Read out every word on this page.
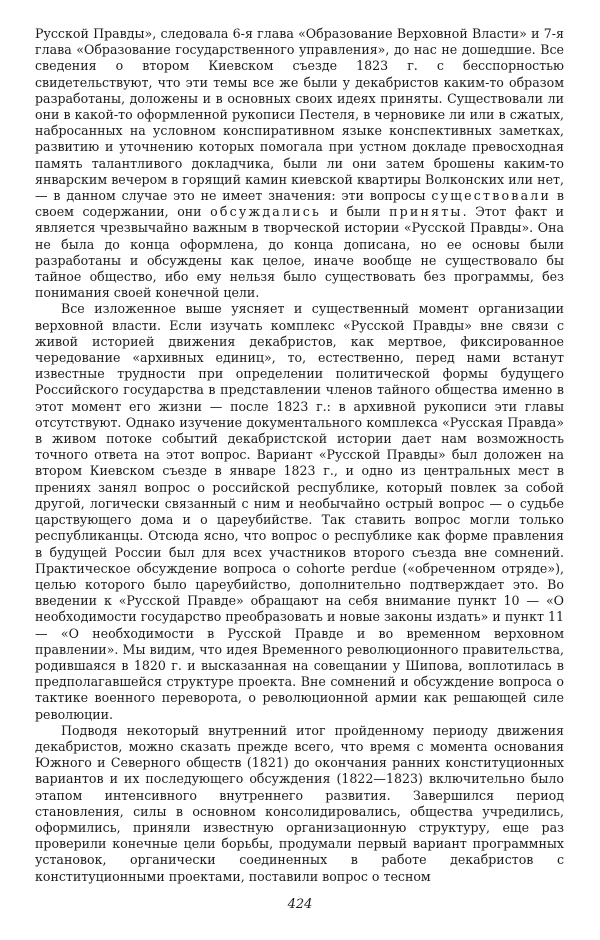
Русской Правды», следовала 6-я глава «Образование Верховной Власти» и 7-я глава «Образование государственного управления», до нас не дошедшие. Все сведения о втором Киевском съезде 1823 г. с бесспорностью свидетельствуют, что эти темы все же были у декабристов каким-то образом разработаны, доложены и в основных своих идеях приняты. Существовали ли они в какой-то оформленной рукописи Пестеля, в черновике ли или в сжатых, набросанных на условном конспиративном языке конспективных заметках, развитию и уточнению которых помогала при устном докладе превосходная память талантливого докладчика, были ли они затем брошены каким-то январским вечером в горящий камин киевской квартиры Волконских или нет,— в данном случае это не имеет значения: эти вопросы существовали в своем содержании, они обсуждались и были приняты. Этот факт и является чрезвычайно важным в творческой истории «Русской Правды». Она не была до конца оформлена, до конца дописана, но ее основы были разработаны и обсуждены как целое, иначе вообще не существовало бы тайное общество, ибо ему нельзя было существовать без программы, без понимания своей конечной цели.

Все изложенное выше уясняет и существенный момент организации верховной власти. Если изучать комплекс «Русской Правды» вне связи с живой историей движения декабристов, как мертвое, фиксированное чередование «архивных единиц», то, естественно, перед нами встанут известные трудности при определении политической формы будущего Российского государства в представлении членов тайного общества именно в этот момент его жизни — после 1823 г.: в архивной рукописи эти главы отсутствуют. Однако изучение документального комплекса «Русская Правда» в живом потоке событий декабристской истории дает нам возможность точного ответа на этот вопрос. Вариант «Русской Правды» был доложен на втором Киевском съезде в январе 1823 г., и одно из центральных мест в прениях занял вопрос о российской республике, который повлек за собой другой, логически связанный с ним и необычайно острый вопрос — о судьбе царствующего дома и о цареубийстве. Так ставить вопрос могли только республиканцы. Отсюда ясно, что вопрос о республике как форме правления в будущей России был для всех участников второго съезда вне сомнений. Практическое обсуждение вопроса о cohorte perdue («обреченном отряде»), целью которого было цареубийство, дополнительно подтверждает это. Во введении к «Русской Правде» обращают на себя внимание пункт 10 — «О необходимости государство преобразовать и новые законы издать» и пункт 11— «О необходимости в Русской Правде и во временном верховном правлении». Мы видим, что идея Временного революционного правительства, родившаяся в 1820 г. и высказанная на совещании у Шипова, воплотилась в предполагавшейся структуре проекта. Вне сомнений и обсуждение вопроса о тактике военного переворота, о революционной армии как решающей силе революции.

Подводя некоторый внутренний итог пройденному периоду движения декабристов, можно сказать прежде всего, что время с момента основания Южного и Северного обществ (1821) до окончания ранних конституционных вариантов и их последующего обсуждения (1822—1823) включительно было этапом интенсивного внутреннего развития. Завершился период становления, силы в основном консолидировались, общества учредились, оформились, приняли известную организационную структуру, еще раз проверили конечные цели борьбы, продумали первый вариант программных установок, органически соединенных в работе декабристов с конституционными проектами, поставили вопрос о тесном

424
